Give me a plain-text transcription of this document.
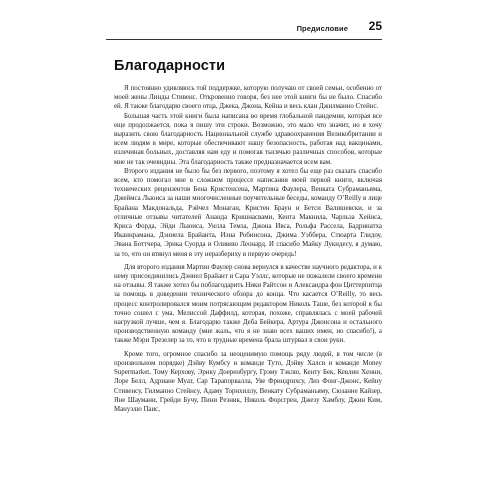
Предисловие 25
Благодарности

Я постоянно удивляюсь той поддержке, которую получаю от своей семьи, особенно от моей жены Линды Стивенс. Откровенно говоря, без нее этой книги бы не было. Спасибо ей. Я также благодарю своего отца, Джека, Джона, Кейна и весь клан Джилманно Стейнс.

Большая часть этой книги была написана во время глобальной пандемии, которая все еще продолжается, пока я пишу эти строки. Возможно, это мало что значит, но я хочу выразить свою благодарность Национальной службе здравоохранения Великобритании и всем людям в мире, которые обеспечивают нашу безопасность, работая над вакцинами, излечиная больных, доставляя нам еду и помогая тысячью различных способов, которые мне не так очевидны. Эта благодарность также предназначается всем вам.

Второго издания не было бы без первого, поэтому я хотел бы еще раз сказать спасибо всем, кто помогал мне в сложном процессе написания моей первой книги, включая технических рецензентов Бена Кристенсена, Мартина Фаулера, Венката Субраманьяма, Джеймса Льюиса за наши многочисленные поучительные беседы, команду O’Reilly в лице Брайана Макдональда, Рэйчел Монаган, Кристен Браун и Бетси Валишевски, и за отличные отзывы читателей Ананда Кришнасвами, Кента Макнила, Чарльза Хейнса, Криса Форда, Эйди Льюиса, Уилла Темза, Джона Ивса, Рольфа Рассела, Бадринатха Иканнрамана, Дэниела Брайанта, Иэна Робинсона, Джима Уэббера, Стюарта Глидоу, Эвана Боттчера, Эрика Суорда и Оливию Леонард. И спасибо Майку Лукидесу, я думаю, за то, что он втянул меня в эту неразбериху в первую очередь!

Для второго издания Мартин Фаулер снова вернулся в качестве научного редактора, и к нему присоединились Дэниел Брайант и Сара Уэллс, которые не пожалели своего времени на отзывы. Я также хотел бы поблагодарить Ники Райтсон и Александра фон Циттерпитца за помощь в доведении технического обзора до конца. Что касается O’Reilly, то весь процесс контролировался моим потрясающим редактором Николь Таше, без которой я бы точно сошел с ума, Мелиссой Даффилд, которая, похоже, справлялась с моей рабочей нагрузкой лучше, чем я. Благодарю также Деба Бейкера, Артура Джонсона и остального производственную команду (мне жаль, что я не знаю всех ваших имен, но спасибо!), а также Мэри Трезелер за то, что в трудные времена брала штурвал в свои руки.

Кроме того, огромное спасибо за неоценимую помощь ряду людей, в том числе (в произвольном порядке) Дэйву Кумбсу и команде Туто, Дэйву Халси и команде Money Supermarket, Тому Керхову, Эрику Доеренбургу, Грэму Тэклю, Кенту Бек, Кевлин Хенни, Лоре Белл, Адриане Муат, Сар Тарапорвалла, Уве Фриндрихсу, Лиз Фонг-Джонс, Кейну Стивенсу, Гилманно Стейнсу, Адаму Торнхиллу, Венкату Субраманьяму, Сюзанне Кайзер, Яне Шаумани, Грейди Бучу, Пини Резник, Николь Форсгрен, Джезу Хамблу, Джин Ким, Мануэлю Паис,
